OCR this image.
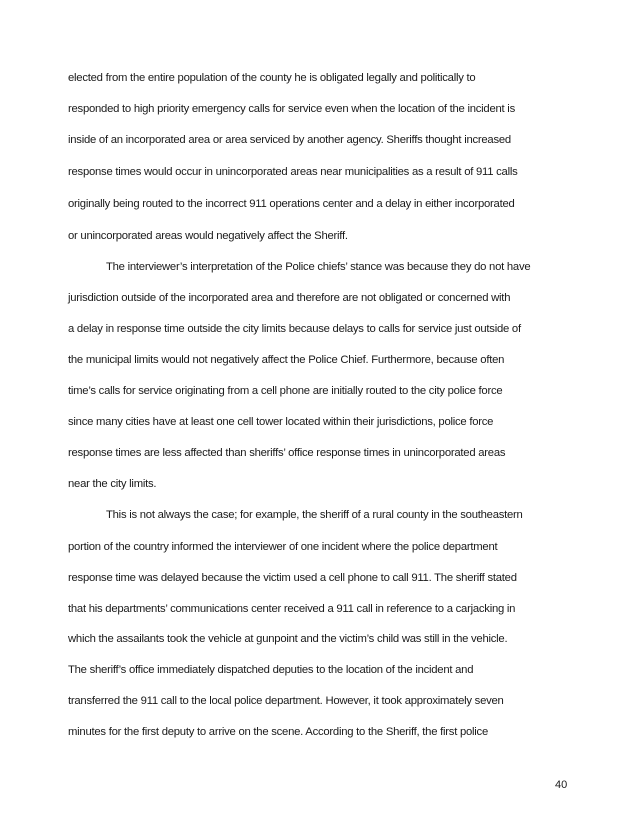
elected from the entire population of the county he is obligated legally and politically to
responded to high priority emergency calls for service even when the location of the incident is
inside of an incorporated area or area serviced by another agency. Sheriffs thought increased
response times would occur in unincorporated areas near municipalities as a result of 911 calls
originally being routed to the incorrect 911 operations center and a delay in either incorporated
or unincorporated areas would negatively affect the Sheriff.
The interviewer’s interpretation of the Police chiefs’ stance was because they do not have
jurisdiction outside of the incorporated area and therefore are not obligated or concerned with
a delay in response time outside the city limits because delays to calls for service just outside of
the municipal limits would not negatively affect the Police Chief. Furthermore, because often
time’s calls for service originating from a cell phone are initially routed to the city police force
since many cities have at least one cell tower located within their jurisdictions, police force
response times are less affected than sheriffs’ office response times in unincorporated areas
near the city limits.
This is not always the case; for example, the sheriff of a rural county in the southeastern
portion of the country informed the interviewer of one incident where the police department
response time was delayed because the victim used a cell phone to call 911. The sheriff stated
that his departments’ communications center received a 911 call in reference to a carjacking in
which the assailants took the vehicle at gunpoint and the victim’s child was still in the vehicle.
The sheriff’s office immediately dispatched deputies to the location of the incident and
transferred the 911 call to the local police department. However, it took approximately seven
minutes for the first deputy to arrive on the scene. According to the Sheriff, the first police
40
